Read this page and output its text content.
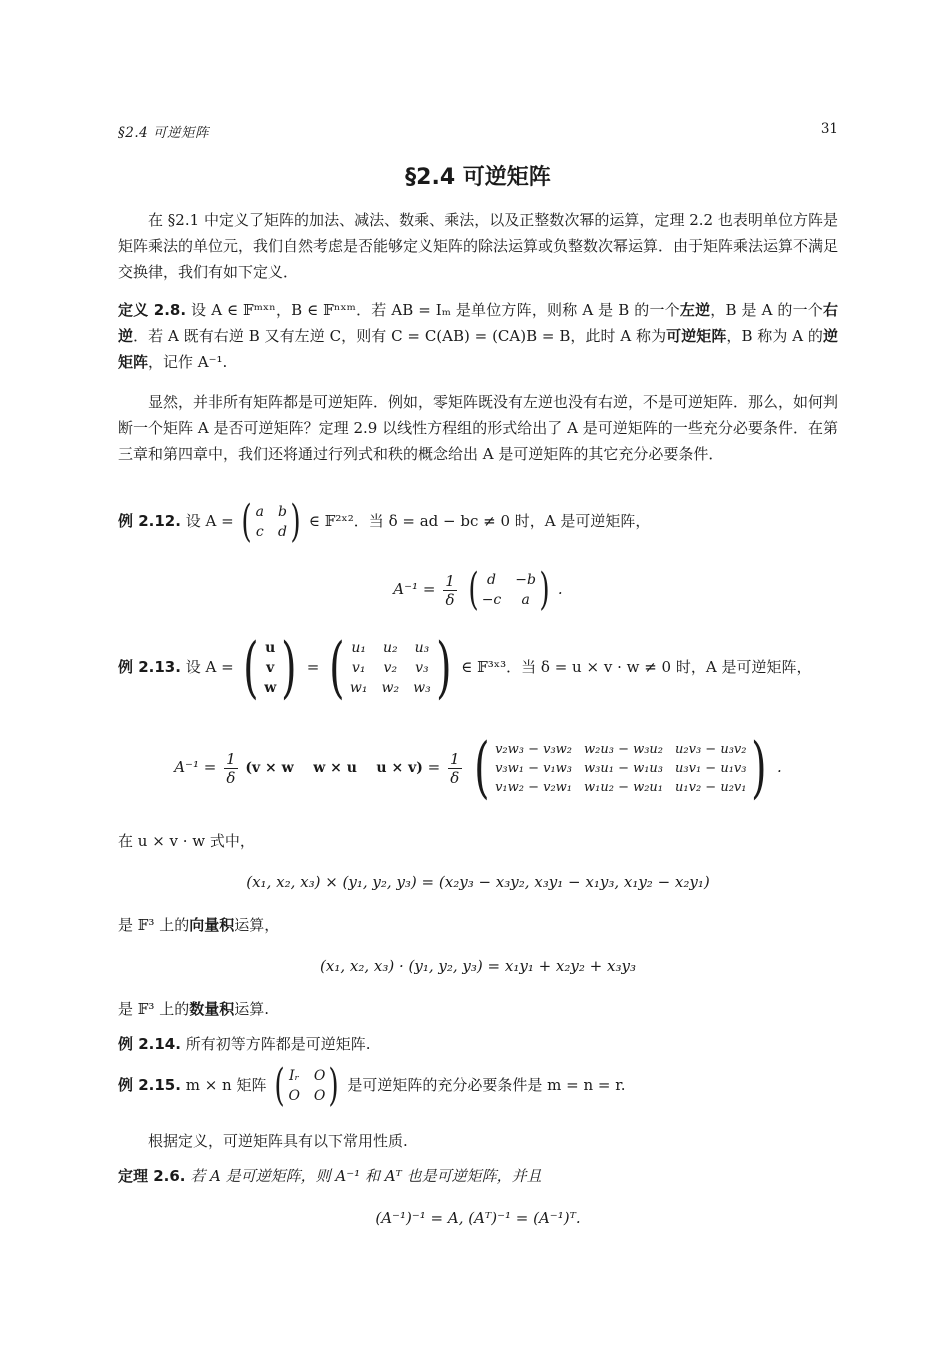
§2.4 可逆矩阵	31
§2.4 可逆矩阵
在 §2.1 中定义了矩阵的加法、减法、数乘、乘法，以及正整数次幂的运算，定理 2.2 也表明单位方阵是矩阵乘法的单位元，我们自然考虑是否能够定义矩阵的除法运算或负整数次幂运算．由于矩阵乘法运算不满足交换律，我们有如下定义．
定义 2.8. 设 A ∈ 𝔽ᵐˣⁿ，B ∈ 𝔽ⁿˣᵐ．若 AB = Iₘ 是单位方阵，则称 A 是 B 的一个左逆，B 是 A 的一个右逆．若 A 既有右逆 B 又有左逆 C，则有 C = C(AB) = (CA)B = B，此时 A 称为可逆矩阵，B 称为 A 的逆矩阵，记作 A⁻¹.
显然，并非所有矩阵都是可逆矩阵．例如，零矩阵既没有左逆也没有右逆，不是可逆矩阵．那么，如何判断一个矩阵 A 是否可逆矩阵？定理 2.9 以线性方程组的形式给出了 A 是可逆矩阵的一些充分必要条件．在第三章和第四章中，我们还将通过行列式和秩的概念给出 A 是可逆矩阵的其它充分必要条件．
例 2.12. 设 A = ( a b
c d ) ∈ 𝔽²ˣ²．当 δ = ad − bc ≠ 0 时，A 是可逆矩阵，
$A^{-1} = \frac{1}{\delta}$
( d	−b
−c	a ) .
例 2.13. 设 A = ( u
v
w ) = ( u₁ u₂ u₃
v₁ v₂ v₃
w₁ w₂ w₃ ) ∈ 𝔽³ˣ³．当 δ = u × v · w ≠ 0 时，A 是可逆矩阵，
$A^{-1} = \frac{1}{\delta} (v \times w$    w × u    $u \times v) = \frac{1}{\delta}$
( v₂w₃ − v₃w₂ w₂u₃ − w₃u₂ u₂v₃ − u₃v₂
v₃w₁ − v₁w₃ w₃u₁ − w₁u₃ u₃v₁ − u₁v₃
v₁w₂ − v₂w₁ w₁u₂ − w₂u₁ u₁v₂ − u₂v₁ ) .
在 u × v · w 式中，
(x₁, x₂, x₃) × (y₁, y₂, y₃) = (x₂y₃ − x₃y₂, x₃y₁ − x₁y₃, x₁y₂ − x₂y₁)
是 𝔽³ 上的向量积运算，
(x₁, x₂, x₃) · (y₁, y₂, y₃) = x₁y₁ + x₂y₂ + x₃y₃
是 𝔽³ 上的数量积运算.
例 2.14. 所有初等方阵都是可逆矩阵.
例 2.15. m × n 矩阵 ( Iᵣ O
O O ) 是可逆矩阵的充分必要条件是 m = n = r.
根据定义，可逆矩阵具有以下常用性质.
定理 2.6. 若 A 是可逆矩阵，则 A⁻¹ 和 Aᵀ 也是可逆矩阵，并且
(A⁻¹)⁻¹ = A, (Aᵀ)⁻¹ = (A⁻¹)ᵀ.
